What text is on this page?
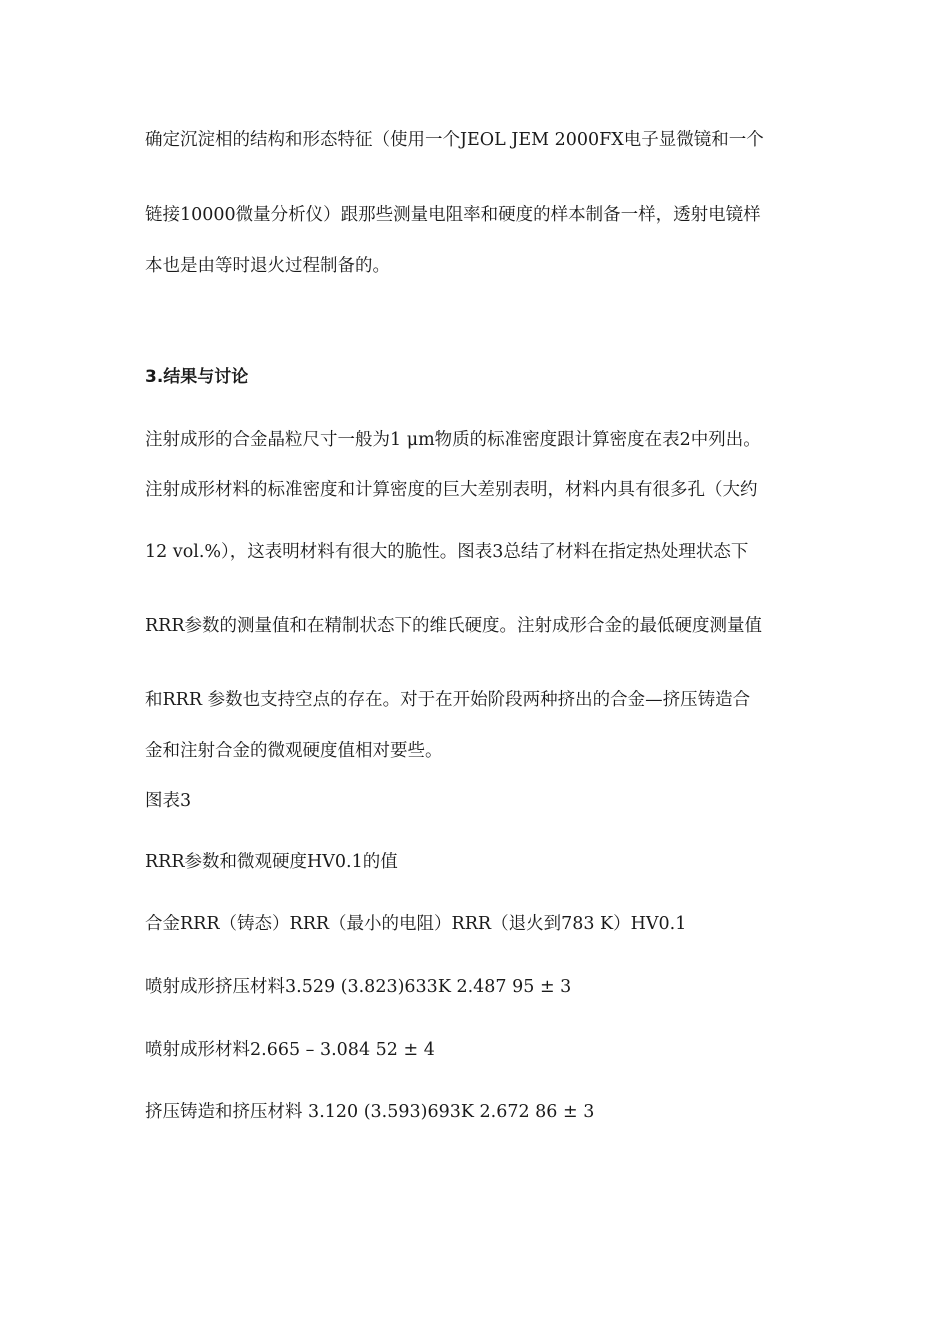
确定沉淀相的结构和形态特征（使用一个JEOL JEM 2000FX电子显微镜和一个
链接10000微量分析仪）跟那些测量电阻率和硬度的样本制备一样，透射电镜样
本也是由等时退火过程制备的。
3.结果与讨论
注射成形的合金晶粒尺寸一般为1 μm物质的标准密度跟计算密度在表2中列出。
注射成形材料的标准密度和计算密度的巨大差别表明，材料内具有很多孔（大约
12 vol.%），这表明材料有很大的脆性。图表3总结了材料在指定热处理状态下
RRR参数的测量值和在精制状态下的维氏硬度。注射成形合金的最低硬度测量值
和RRR 参数也支持空点的存在。对于在开始阶段两种挤出的合金—挤压铸造合
金和注射合金的微观硬度值相对要些。
图表3
RRR参数和微观硬度HV0.1的值
合金RRR（铸态）RRR（最小的电阻）RRR（退火到783 K）HV0.1
喷射成形挤压材料3.529 (3.823)633K 2.487 95 ± 3
喷射成形材料2.665 – 3.084 52 ± 4
挤压铸造和挤压材料 3.120 (3.593)693K 2.672 86 ± 3
